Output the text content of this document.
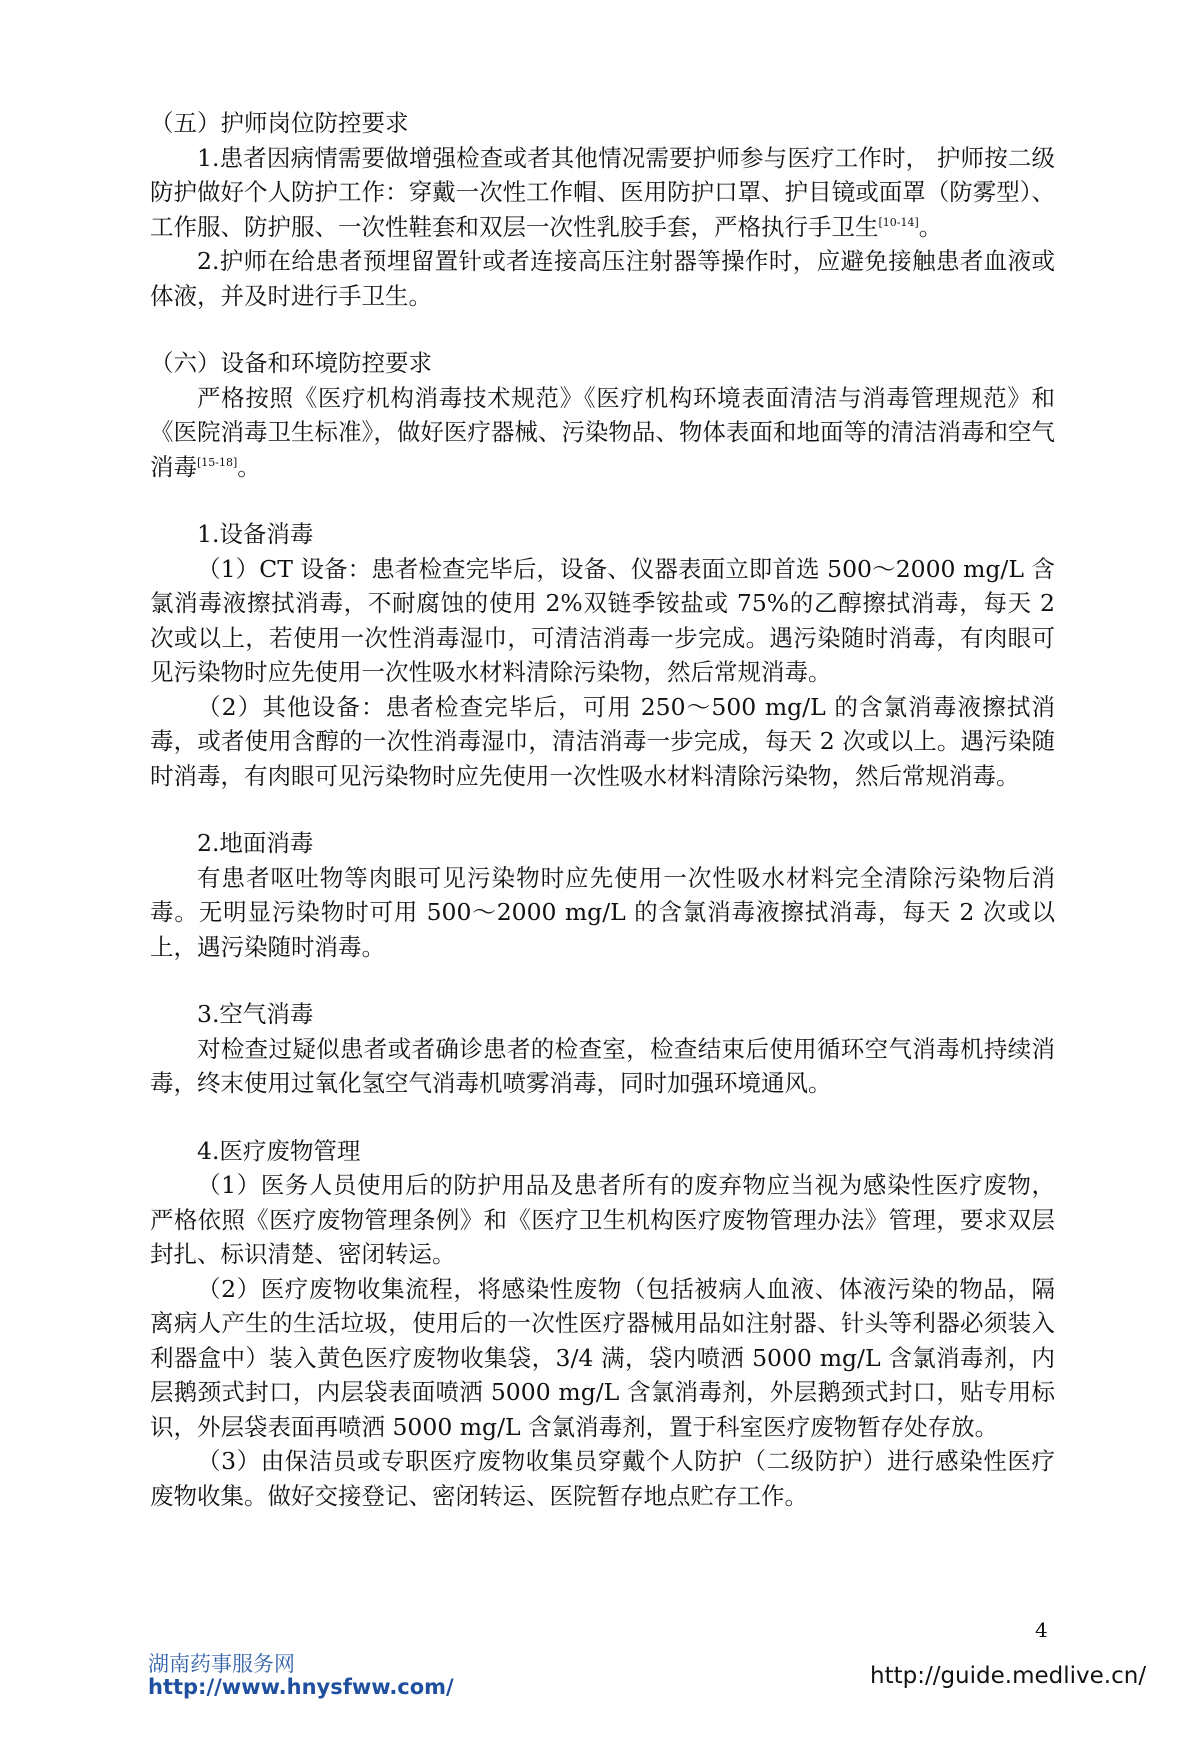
（五）护师岗位防控要求

1.患者因病情需要做增强检查或者其他情况需要护师参与医疗工作时， 护师按二级防护做好个人防护工作：穿戴一次性工作帽、医用防护口罩、护目镜或面罩（防雾型）、工作服、防护服、一次性鞋套和双层一次性乳胶手套，严格执行手卫生[10-14]。

2.护师在给患者预埋留置针或者连接高压注射器等操作时，应避免接触患者血液或体液，并及时进行手卫生。

（六）设备和环境防控要求

严格按照《医疗机构消毒技术规范》《医疗机构环境表面清洁与消毒管理规范》和《医院消毒卫生标准》，做好医疗器械、污染物品、物体表面和地面等的清洁消毒和空气消毒[15-18]。

1.设备消毒

（1）CT 设备：患者检查完毕后，设备、仪器表面立即首选 500～2000 mg/L 含氯消毒液擦拭消毒，不耐腐蚀的使用 2%双链季铵盐或 75%的乙醇擦拭消毒，每天 2 次或以上，若使用一次性消毒湿巾，可清洁消毒一步完成。遇污染随时消毒，有肉眼可见污染物时应先使用一次性吸水材料清除污染物，然后常规消毒。

（2）其他设备：患者检查完毕后，可用 250～500 mg/L 的含氯消毒液擦拭消毒，或者使用含醇的一次性消毒湿巾，清洁消毒一步完成，每天 2 次或以上。遇污染随时消毒，有肉眼可见污染物时应先使用一次性吸水材料清除污染物，然后常规消毒。

2.地面消毒

有患者呕吐物等肉眼可见污染物时应先使用一次性吸水材料完全清除污染物后消毒。无明显污染物时可用 500～2000 mg/L 的含氯消毒液擦拭消毒，每天 2 次或以上，遇污染随时消毒。

3.空气消毒

对检查过疑似患者或者确诊患者的检查室，检查结束后使用循环空气消毒机持续消毒，终末使用过氧化氢空气消毒机喷雾消毒，同时加强环境通风。

4.医疗废物管理

（1）医务人员使用后的防护用品及患者所有的废弃物应当视为感染性医疗废物，严格依照《医疗废物管理条例》和《医疗卫生机构医疗废物管理办法》管理，要求双层封扎、标识清楚、密闭转运。

（2）医疗废物收集流程，将感染性废物（包括被病人血液、体液污染的物品，隔离病人产生的生活垃圾，使用后的一次性医疗器械用品如注射器、针头等利器必须装入利器盒中）装入黄色医疗废物收集袋，3/4 满，袋内喷洒 5000 mg/L 含氯消毒剂，内层鹅颈式封口，内层袋表面喷洒 5000 mg/L 含氯消毒剂，外层鹅颈式封口，贴专用标识，外层袋表面再喷洒 5000 mg/L 含氯消毒剂，置于科室医疗废物暂存处存放。

（3）由保洁员或专职医疗废物收集员穿戴个人防护（二级防护）进行感染性医疗废物收集。做好交接登记、密闭转运、医院暂存地点贮存工作。

4
湖南药事服务网
http://www.hnysfww.com/	http://guide.medlive.cn/
